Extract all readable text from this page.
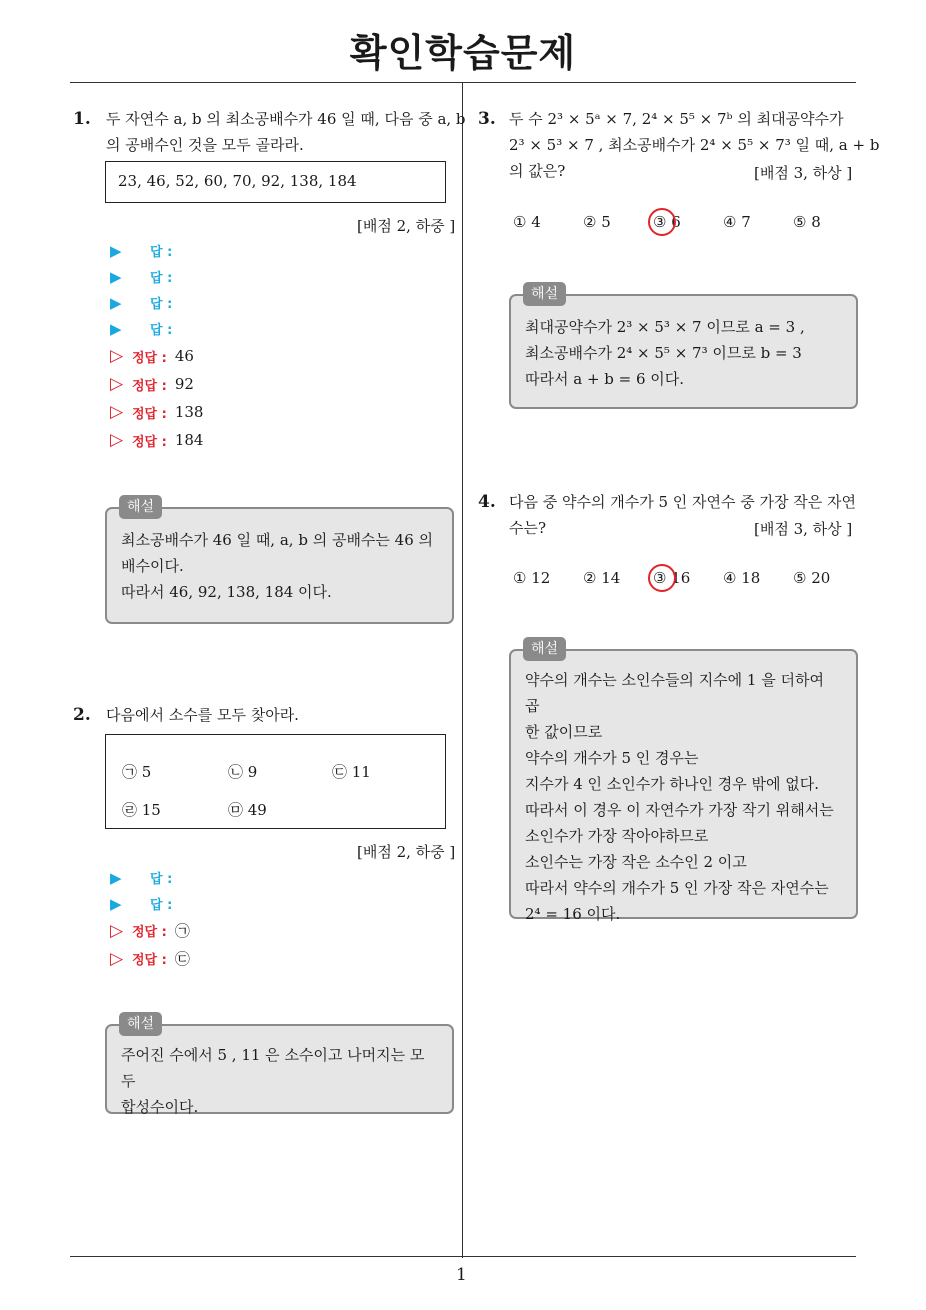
확인학습문제
1
1. 두 자연수 a, b 의 최소공배수가 46 일 때, 다음 중 a, b
의 공배수인 것을 모두 골라라.
23, 46, 52, 60, 70, 92, 138, 184
[배점 2, 하중 ]
▶	답 :
▶	답 :
▶	답 :
▶	답 :
▷ 정답 : 46
▷ 정답 : 92
▷ 정답 : 138
▷ 정답 : 184
최소공배수가 46 일 때, a, b 의 공배수는 46 의
배수이다.
따라서 46, 92, 138, 184 이다.
해설
2. 다음에서 소수를 모두 찾아라.
㉠ 5	㉡ 9	㉢ 11
㉣ 15	㉤ 49
[배점 2, 하중 ]
▶	답 :
▶	답 :
▷ 정답 : ㉠
▷ 정답 : ㉢
주어진 수에서 5 , 11 은 소수이고 나머지는 모두
합성수이다.
해설
3. 두 수 2³ × 5ᵃ × 7, 2⁴ × 5⁵ × 7ᵇ 의 최대공약수가
2³ × 5³ × 7 , 최소공배수가 2⁴ × 5⁵ × 7³ 일 때, a + b
의 값은?	[배점 3, 하상 ]
① 4	② 5	③ 6	④ 7	⑤ 8
최대공약수가 2³ × 5³ × 7 이므로 a = 3 ,
최소공배수가 2⁴ × 5⁵ × 7³ 이므로 b = 3
따라서 a + b = 6 이다.
해설
4. 다음 중 약수의 개수가 5 인 자연수 중 가장 작은 자연
수는?	[배점 3, 하상 ]
① 12 ② 14 ③ 16 ④ 18 ⑤ 20
약수의 개수는 소인수들의 지수에 1 을 더하여 곱
한 값이므로
약수의 개수가 5 인 경우는
지수가 4 인 소인수가 하나인 경우 밖에 없다.
따라서 이 경우 이 자연수가 가장 작기 위해서는
소인수가 가장 작아야하므로
소인수는 가장 작은 소수인 2 이고
따라서 약수의 개수가 5 인 가장 작은 자연수는
2⁴ = 16 이다.
해설
